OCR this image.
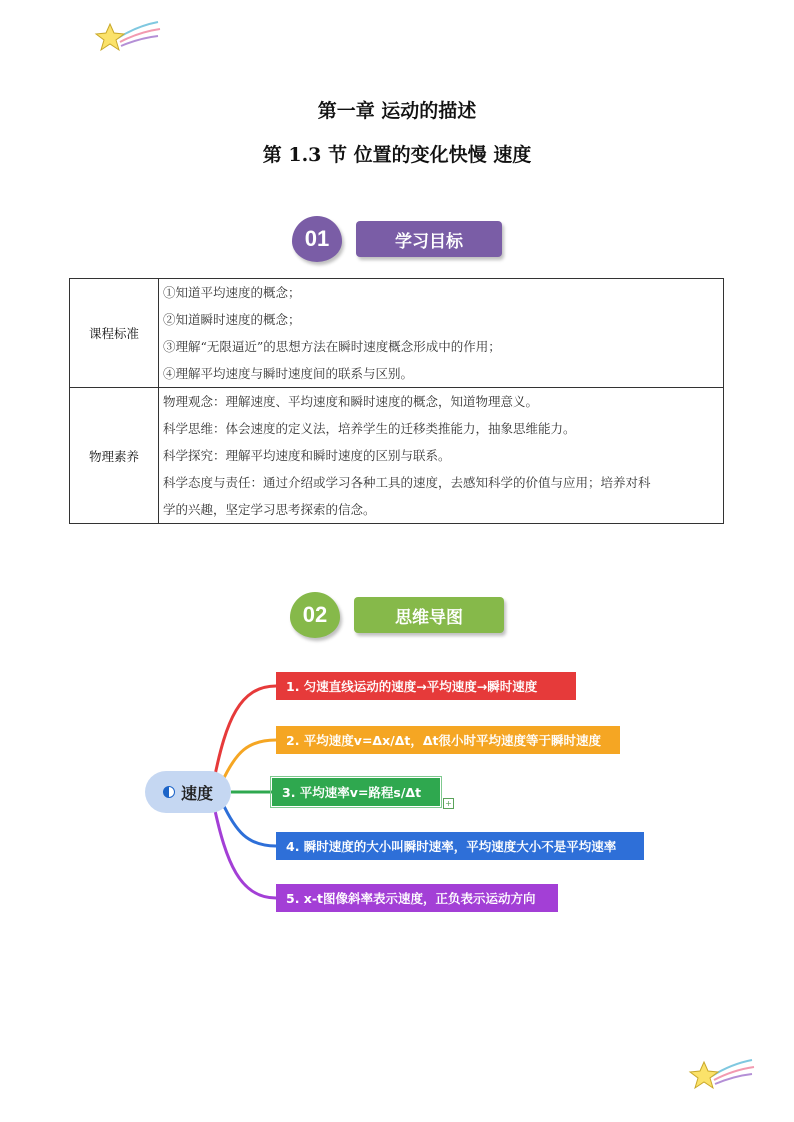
第一章 运动的描述
第 1.3 节 位置的变化快慢 速度
01	学习目标
课程标准	①知道平均速度的概念；
②知道瞬时速度的概念；
③理解“无限逼近”的思想方法在瞬时速度概念形成中的作用；
④理解平均速度与瞬时速度间的联系与区别。

物理素养	物理观念：理解速度、平均速度和瞬时速度的概念，知道物理意义。
科学思维：体会速度的定义法，培养学生的迁移类推能力，抽象思维能力。
科学探究：理解平均速度和瞬时速度的区别与联系。
科学态度与责任：通过介绍或学习各种工具的速度，去感知科学的价值与应用；培养对科
学的兴趣，坚定学习思考探索的信念。
02	思维导图
速度
1. 匀速直线运动的速度→平均速度→瞬时速度
2. 平均速度v=Δx/Δt，Δt很小时平均速度等于瞬时速度
3. 平均速率v=路程s/Δt
+
4. 瞬时速度的大小叫瞬时速率，平均速度大小不是平均速率
5. x-t图像斜率表示速度，正负表示运动方向
